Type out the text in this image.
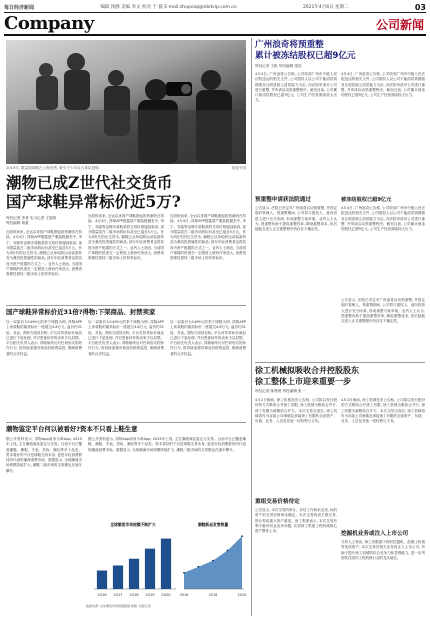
每日经济新闻	编辑 汤静 美编 李文 校对 于 毅 E-mail:zhupeiqi@nbdvip.com.cn	2021年4月6日 星期二	03
Company	公司新闻
2019年, 限量版球鞋在上海发售, 吸引不少年轻人排队抢购	视觉中国
潮物已成Z世代社交货币
国产球鞋异常标价近5万?
每经记者 李者 实习记者 王展鸿
每经编辑 杨夏
近段时间来, 全运以来国产球鞋掀起的热潮仍在持续。4月4日, 得物APP披露国产服装鞋履类中, 李宁、安踏等品牌多款鞋款的交易价格屡创新高, 部分限量款在二级市场的标价甚至已接近5万元。作为Z世代的社交货币, 潮鞋已从单纯的运动装备转变为兼具投资属性的商品, 部分年轻消费者也将其视为资产配置的方式之一。业内人士指出, 当前国产球鞋的热度在一定程度上被炒作所放大, 消费者需理性看待二级市场上的异常标价。
近段时间来, 全运以来国产球鞋掀起的热潮仍在持续。4月4日, 得物APP披露国产服装鞋履类中, 李宁、安踏等品牌多款鞋款的交易价格屡创新高, 部分限量款在二级市场的标价甚至已接近5万元。作为Z世代的社交货币, 潮鞋已从单纯的运动装备转变为兼具投资属性的商品, 部分年轻消费者也将其视为资产配置的方式之一。业内人士指出, 当前国产球鞋的热度在一定程度上被炒作所放大, 消费者需理性看待二级市场上的异常标价。
近段时间来, 全运以来国产球鞋掀起的热潮仍在持续。4月4日, 得物APP披露国产服装鞋履类中, 李宁、安踏等品牌多款鞋款的交易价格屡创新高, 部分限量款在二级市场的标价甚至已接近5万元。作为Z世代的社交货币, 潮鞋已从单纯的运动装备转变为兼具投资属性的商品, 部分年轻消费者也将其视为资产配置的方式之一。业内人士指出, 当前国产球鞋的热度在一定程度上被炒作所放大, 消费者需理性看待二级市场上的异常标价。
国产球鞋异常标价近31倍?得物:下架商品、封禁卖家
以一双原价为1499元的李宁球鞋为例, 得物APP上该款鞋的最高标价一度超过4.8万元, 溢价约31倍。对此, 得物方面回应称, 平台对异常标价商品已进行下架处理, 并对恶意炒作的卖家予以封禁。平台相关负责人表示, 得物始终反对任何形式的炒作行为, 将持续加强对商品价格的监管, 保障消费者的合法权益。
以一双原价为1499元的李宁球鞋为例, 得物APP上该款鞋的最高标价一度超过4.8万元, 溢价约31倍。对此, 得物方面回应称, 平台对异常标价商品已进行下架处理, 并对恶意炒作的卖家予以封禁。平台相关负责人表示, 得物始终反对任何形式的炒作行为, 将持续加强对商品价格的监管, 保障消费者的合法权益。
以一双原价为1499元的李宁球鞋为例, 得物APP上该款鞋的最高标价一度超过4.8万元, 溢价约31倍。对此, 得物方面回应称, 平台对异常标价商品已进行下架处理, 并对恶意炒作的卖家予以封禁。平台相关负责人表示, 得物始终反对任何形式的炒作行为, 将持续加强对商品价格的监管, 保障消费者的合法权益。
潮物鉴定平台何以被看好?资本不只看上鞋生意
据公开资料显示, 得物App前身为毒App, 2015年上线, 主打潮流商品鉴定与交易。目前平台已覆盖潮鞋、潮服、手表、美妆、潮玩等多个品类。资本看好的不仅是球鞋交易本身, 更是年轻消费群体所代表的潮流消费市场。数据显示, 全球潮流市场规模持续扩大, 潮鞋二级市场的交易额也在逐年攀升。
全球潮流市场规模不断扩大
2016 2017 2018 2019 2020
潮鞋新品发售数量
2016	2018	2020
数据来源: 全球潮流市场规模数据 制图: 每经记者
据公开资料显示, 得物App前身为毒App, 2015年上线, 主打潮流商品鉴定与交易。目前平台已覆盖潮鞋、潮服、手表、美妆、潮玩等多个品类。资本看好的不仅是球鞋交易本身, 更是年轻消费群体所代表的潮流消费市场。数据显示, 全球潮流市场规模持续扩大, 潮鞋二级市场的交易额也在逐年攀升。
广州浪奇将预重整
累计被冻结股权已超9亿元
每经记者 王帆 每经编辑 梁浩
4月4日, 广州浪奇公告称, 公司收到广州市中级人民法院送达的相关文件, 公司债权人以公司不能清偿到期债务且明显缺乏清偿能力为由, 向法院申请对公司进行重整, 并申请启动预重整程序。截至目前, 公司累计被冻结股权已超9亿元, 公司生产经营面临较大压力。
4月4日, 广州浪奇公告称, 公司收到广州市中级人民法院送达的相关文件, 公司债权人以公司不能清偿到期债务且明显缺乏清偿能力为由, 向法院申请对公司进行重整, 并申请启动预重整程序。截至目前, 公司累计被冻结股权已超9亿元, 公司生产经营面临较大压力。
被冻结股权已超9亿元
4月4日, 广州浪奇公告称, 公司收到广州市中级人民法院送达的相关文件, 公司债权人以公司不能清偿到期债务且明显缺乏清偿能力为由, 向法院申请对公司进行重整, 并申请启动预重整程序。截至目前, 公司累计被冻结股权已超9亿元, 公司生产经营面临较大压力。
预重整申请获法院通过
公告显示, 法院已决定对广州浪奇启动预重整, 并指定临时管理人。预重整期间, 公司将与债权人、意向投资人进行充分协商, 形成重整方案草案。业内人士认为, 预重整有助于提高重整效率, 降低重整成本, 但后续能否进入正式重整程序仍存在不确定性。
公告显示, 法院已决定对广州浪奇启动预重整, 并指定临时管理人。预重整期间, 公司将与债权人、意向投资人进行充分协商, 形成重整方案草案。业内人士认为, 预重整有助于提高重整效率, 降低重整成本, 但后续能否进入正式重整程序仍存在不确定性。
徐工机械拟吸收合并控股股东
徐工整体上市迎来重要一步
每经记者 陈晨晨 每经编辑 张一
4月2日晚间, 徐工机械发布公告称, 公司拟以发行股份的方式吸收合并徐工有限, 徐工机械为吸收合并方, 徐工有限为被吸收合并方。本次交易完成后, 徐工机械将作为存续公司承继及承接徐工有限的全部资产、负债、业务、人员及其他一切权利与义务。
重组交易价格待定
公告显示, 本次交易的审计、评估工作尚未完成, 标的资产的交易价格尚未确定。本次交易构成关联交易, 预计构成重大资产重组。徐工集团表示, 本次交易有利于解决同业竞争问题, 实现徐工集团工程机械核心资产整体上市。
4月2日晚间, 徐工机械发布公告称, 公司拟以发行股份的方式吸收合并徐工有限, 徐工机械为吸收合并方, 徐工有限为被吸收合并方。本次交易完成后, 徐工机械将作为存续公司承继及承接徐工有限的全部资产、负债、业务、人员及其他一切权利与义务。
挖掘机业务或注入上市公司
分析人士指出, 徐工有限旗下拥有挖掘机、混凝土机械等优质资产, 本次交易后相关业务将注入上市公司, 有助于提升徐工机械的综合竞争力和盈利能力, 进一步巩固其在国内工程机械行业的龙头地位。
